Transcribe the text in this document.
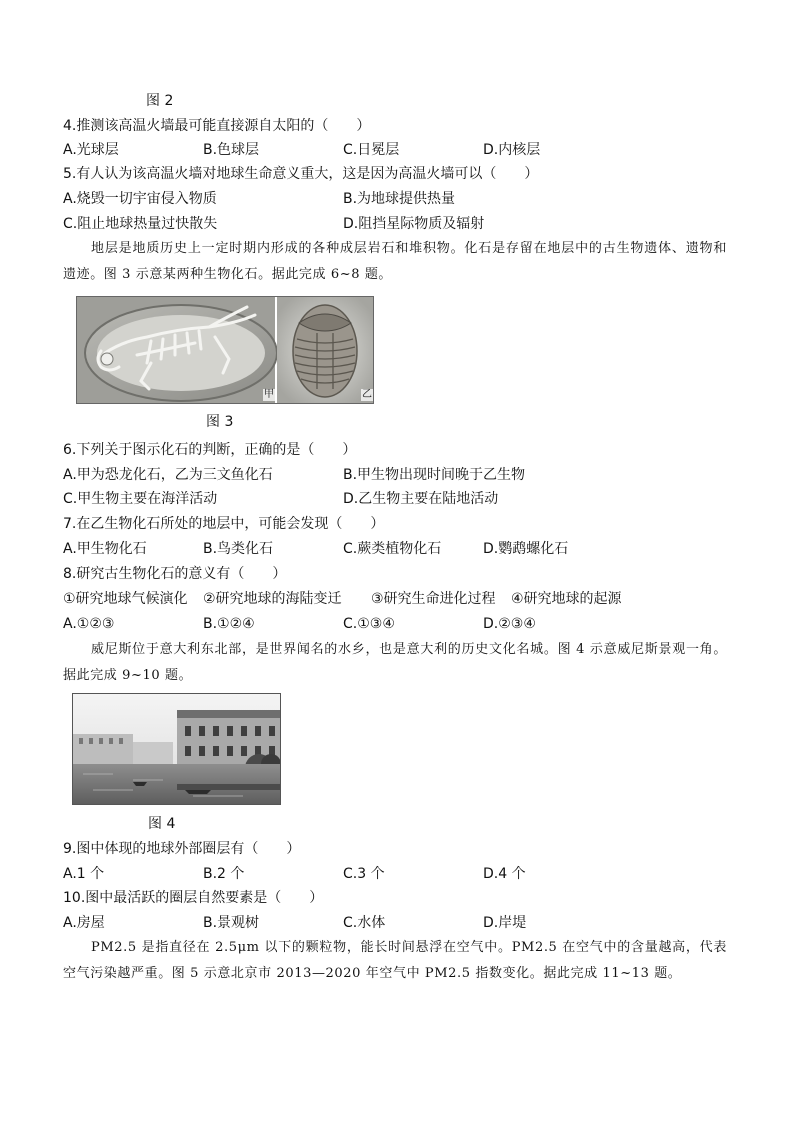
图 2
4.推测该高温火墙最可能直接源自太阳的（　　）
A.光球层	B.色球层	C.日冕层	D.内核层
5.有人认为该高温火墙对地球生命意义重大，这是因为高温火墙可以（　　）
A.烧毁一切宇宙侵入物质	B.为地球提供热量
C.阻止地球热量过快散失	D.阻挡星际物质及辐射

地层是地质历史上一定时期内形成的各种成层岩石和堆积物。化石是存留在地层中的古生物遗体、遗物和遗迹。图 3 示意某两种生物化石。据此完成 6~8 题。

甲	乙
图 3
6.下列关于图示化石的判断，正确的是（　　）
A.甲为恐龙化石，乙为三文鱼化石	B.甲生物出现时间晚于乙生物
C.甲生物主要在海洋活动	D.乙生物主要在陆地活动
7.在乙生物化石所处的地层中，可能会发现（　　）
A.甲生物化石	B.鸟类化石	C.蕨类植物化石	D.鹦鹉螺化石
8.研究古生物化石的意义有（　　）
①研究地球气候演化 ②研究地球的海陆变迁 ③研究生命进化过程 ④研究地球的起源
A.①②③	B.①②④	C.①③④	D.②③④

威尼斯位于意大利东北部，是世界闻名的水乡，也是意大利的历史文化名城。图 4 示意威尼斯景观一角。据此完成 9~10 题。

图 4
9.图中体现的地球外部圈层有（　　）
A.1 个	B.2 个	C.3 个	D.4 个
10.图中最活跃的圈层自然要素是（　　）
A.房屋	B.景观树	C.水体	D.岸堤

PM2.5 是指直径在 2.5μm 以下的颗粒物，能长时间悬浮在空气中。PM2.5 在空气中的含量越高，代表空气污染越严重。图 5 示意北京市 2013—2020 年空气中 PM2.5 指数变化。据此完成 11~13 题。
